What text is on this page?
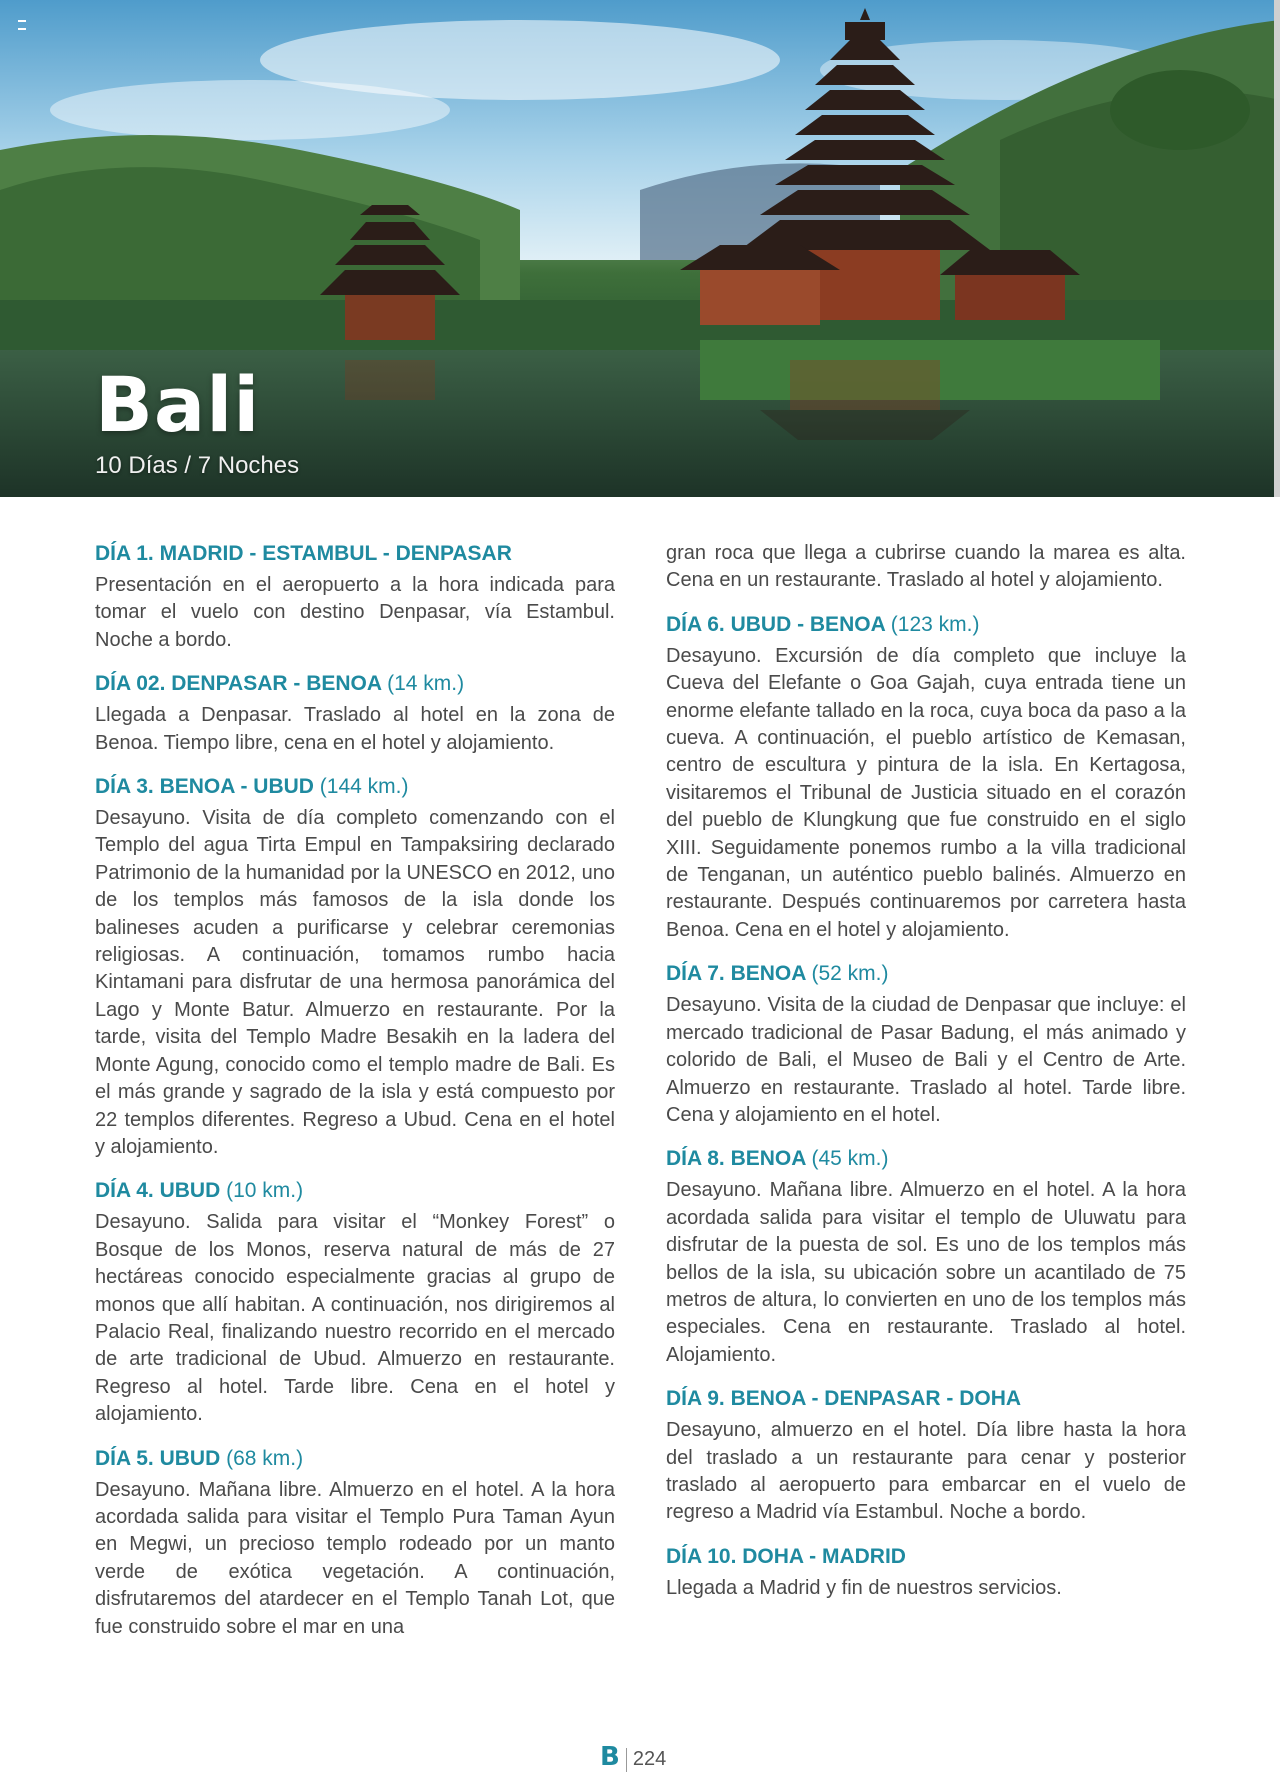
Bali
10 Días / 7 Noches

DÍA 1. MADRID - ESTAMBUL - DENPASAR

Presentación en el aeropuerto a la hora indicada para tomar el vuelo con destino Denpasar, vía Estambul. Noche a bordo.

DÍA 02. DENPASAR - BENOA (14 km.)

Llegada a Denpasar. Traslado al hotel en la zona de Benoa. Tiempo libre, cena en el hotel y alojamiento.

DÍA 3. BENOA - UBUD (144 km.)

Desayuno. Visita de día completo comenzando con el Templo del agua Tirta Empul en Tampaksiring declarado Patrimonio de la humanidad por la UNESCO en 2012, uno de los templos más famosos de la isla donde los balineses acuden a purificarse y celebrar ceremonias religiosas. A continuación, tomamos rumbo hacia Kintamani para disfrutar de una hermosa panorámica del Lago y Monte Batur. Almuerzo en restaurante. Por la tarde, visita del Templo Madre Besakih en la ladera del Monte Agung, conocido como el templo madre de Bali. Es el más grande y sagrado de la isla y está compuesto por 22 templos diferentes. Regreso a Ubud. Cena en el hotel y alojamiento.

DÍA 4. UBUD (10 km.)

Desayuno. Salida para visitar el “Monkey Forest” o Bosque de los Monos, reserva natural de más de 27 hectáreas conocido especialmente gracias al grupo de monos que allí habitan. A continuación, nos dirigiremos al Palacio Real, finalizando nuestro recorrido en el mercado de arte tradicional de Ubud. Almuerzo en restaurante. Regreso al hotel. Tarde libre. Cena en el hotel y alojamiento.

DÍA 5. UBUD (68 km.)

Desayuno. Mañana libre. Almuerzo en el hotel. A la hora acordada salida para visitar el Templo Pura Taman Ayun en Megwi, un precioso templo rodeado por un manto verde de exótica vegetación. A continuación, disfrutaremos del atardecer en el Templo Tanah Lot, que fue construido sobre el mar en una

gran roca que llega a cubrirse cuando la marea es alta. Cena en un restaurante. Traslado al hotel y alojamiento.

DÍA 6. UBUD - BENOA (123 km.)

Desayuno. Excursión de día completo que incluye la Cueva del Elefante o Goa Gajah, cuya entrada tiene un enorme elefante tallado en la roca, cuya boca da paso a la cueva. A continuación, el pueblo artístico de Kemasan, centro de escultura y pintura de la isla. En Kertagosa, visitaremos el Tribunal de Justicia situado en el corazón del pueblo de Klungkung que fue construido en el siglo XIII. Seguidamente ponemos rumbo a la villa tradicional de Tenganan, un auténtico pueblo balinés. Almuerzo en restaurante. Después continuaremos por carretera hasta Benoa. Cena en el hotel y alojamiento.

DÍA 7. BENOA (52 km.)

Desayuno. Visita de la ciudad de Denpasar que incluye: el mercado tradicional de Pasar Badung, el más animado y colorido de Bali, el Museo de Bali y el Centro de Arte. Almuerzo en restaurante. Traslado al hotel. Tarde libre. Cena y alojamiento en el hotel.

DÍA 8. BENOA (45 km.)

Desayuno. Mañana libre. Almuerzo en el hotel. A la hora acordada salida para visitar el templo de Uluwatu para disfrutar de la puesta de sol. Es uno de los templos más bellos de la isla, su ubicación sobre un acantilado de 75 metros de altura, lo convierten en uno de los templos más especiales. Cena en restaurante. Traslado al hotel. Alojamiento.

DÍA 9. BENOA - DENPASAR - DOHA

Desayuno, almuerzo en el hotel. Día libre hasta la hora del traslado a un restaurante para cenar y posterior traslado al aeropuerto para embarcar en el vuelo de regreso a Madrid vía Estambul. Noche a bordo.

DÍA 10. DOHA - MADRID

Llegada a Madrid y fin de nuestros servicios.

B 224
